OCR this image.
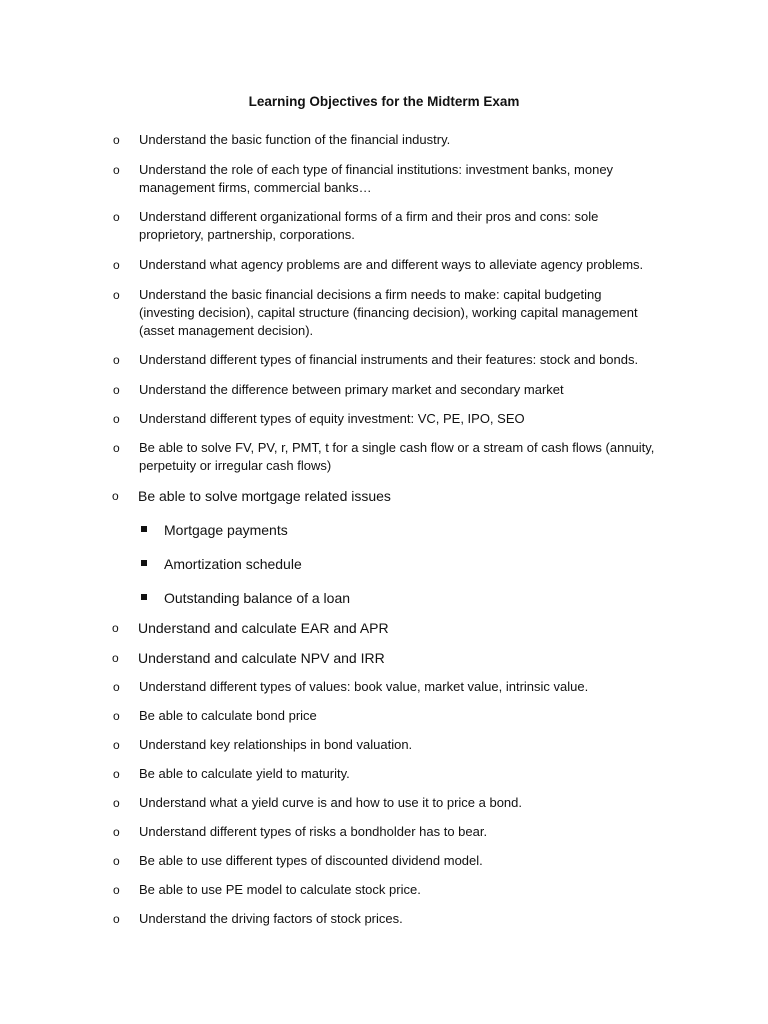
Learning Objectives for the Midterm Exam
o Understand the basic function of the financial industry.
o Understand the role of each type of financial institutions: investment banks, money management firms, commercial banks…
o Understand different organizational forms of a firm and their pros and cons: sole proprietory, partnership, corporations.
o Understand what agency problems are and different ways to alleviate agency problems.
o Understand the basic financial decisions a firm needs to make: capital budgeting (investing decision), capital structure (financing decision), working capital management (asset management decision).
o Understand different types of financial instruments and their features: stock and bonds.
o Understand the difference between primary market and secondary market
o Understand different types of equity investment: VC, PE, IPO, SEO
o Be able to solve FV, PV, r, PMT, t for a single cash flow or a stream of cash flows (annuity, perpetuity or irregular cash flows)
o Be able to solve mortgage related issues
Mortgage payments
Amortization schedule
Outstanding balance of a loan
o Understand and calculate EAR and APR
o Understand and calculate NPV and IRR
o Understand different types of values: book value, market value, intrinsic value.
o Be able to calculate bond price
o Understand key relationships in bond valuation.
o Be able to calculate yield to maturity.
o Understand what a yield curve is and how to use it to price a bond.
o Understand different types of risks a bondholder has to bear.
o Be able to use different types of discounted dividend model.
o Be able to use PE model to calculate stock price.
o Understand the driving factors of stock prices.
